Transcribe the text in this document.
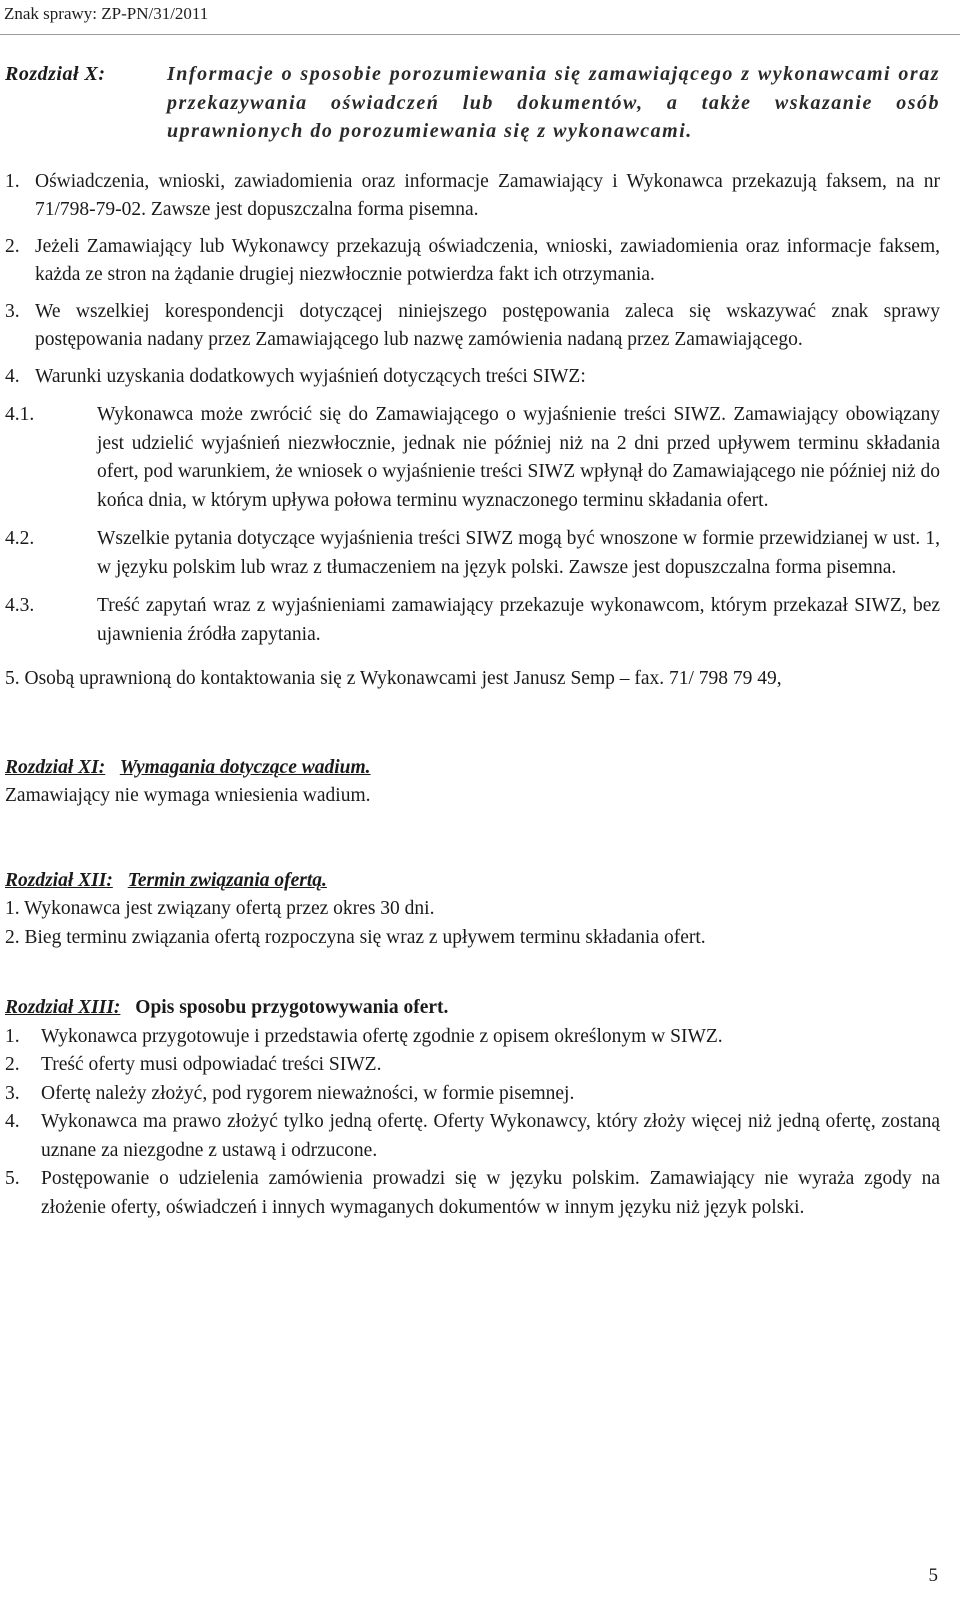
Znak sprawy: ZP-PN/31/2011
Rozdział X:	Informacje o sposobie porozumiewania się zamawiającego z wykonawcami oraz przekazywania oświadczeń lub dokumentów, a także wskazanie osób uprawnionych do porozumiewania się z wykonawcami.
1. Oświadczenia, wnioski, zawiadomienia oraz informacje Zamawiający i Wykonawca przekazują faksem, na nr 71/798-79-02. Zawsze jest dopuszczalna forma pisemna.
2. Jeżeli Zamawiający lub Wykonawcy przekazują oświadczenia, wnioski, zawiadomienia oraz informacje faksem, każda ze stron na żądanie drugiej niezwłocznie potwierdza fakt ich otrzymania.
3. We wszelkiej korespondencji dotyczącej niniejszego postępowania zaleca się wskazywać znak sprawy postępowania nadany przez Zamawiającego lub nazwę zamówienia nadaną przez Zamawiającego.
4. Warunki uzyskania dodatkowych wyjaśnień dotyczących treści SIWZ:
4.1.	Wykonawca może zwrócić się do Zamawiającego o wyjaśnienie treści SIWZ. Zamawiający obowiązany jest udzielić wyjaśnień niezwłocznie, jednak nie później niż na 2 dni przed upływem terminu składania ofert, pod warunkiem, że wniosek o wyjaśnienie treści SIWZ wpłynął do Zamawiającego nie później niż do końca dnia, w którym upływa połowa terminu wyznaczonego terminu składania ofert.
4.2.	Wszelkie pytania dotyczące wyjaśnienia treści SIWZ mogą być wnoszone w formie przewidzianej w ust. 1, w języku polskim lub wraz z tłumaczeniem na język polski. Zawsze jest dopuszczalna forma pisemna.
4.3.	Treść zapytań wraz z wyjaśnieniami zamawiający przekazuje wykonawcom, którym przekazał SIWZ, bez ujawnienia źródła zapytania.

5. Osobą uprawnioną do kontaktowania się z Wykonawcami jest Janusz Semp – fax. 71/ 798 79 49,

Rozdział XI: Wymagania dotyczące wadium.

Zamawiający nie wymaga wniesienia wadium.

Rozdział XII: Termin związania ofertą.

1. Wykonawca jest związany ofertą przez okres 30 dni.

2. Bieg terminu związania ofertą rozpoczyna się wraz z upływem terminu składania ofert.

Rozdział XIII: Opis sposobu przygotowywania ofert.
1.	Wykonawca przygotowuje i przedstawia ofertę zgodnie z opisem określonym w SIWZ.
2.	Treść oferty musi odpowiadać treści SIWZ.
3.	Ofertę należy złożyć, pod rygorem nieważności, w formie pisemnej.
4.	Wykonawca ma prawo złożyć tylko jedną ofertę. Oferty Wykonawcy, który złoży więcej niż jedną ofertę, zostaną uznane za niezgodne z ustawą i odrzucone.
5.	Postępowanie o udzielenia zamówienia prowadzi się w języku polskim. Zamawiający nie wyraża zgody na złożenie oferty, oświadczeń i innych wymaganych dokumentów w innym języku niż język polski.
5
